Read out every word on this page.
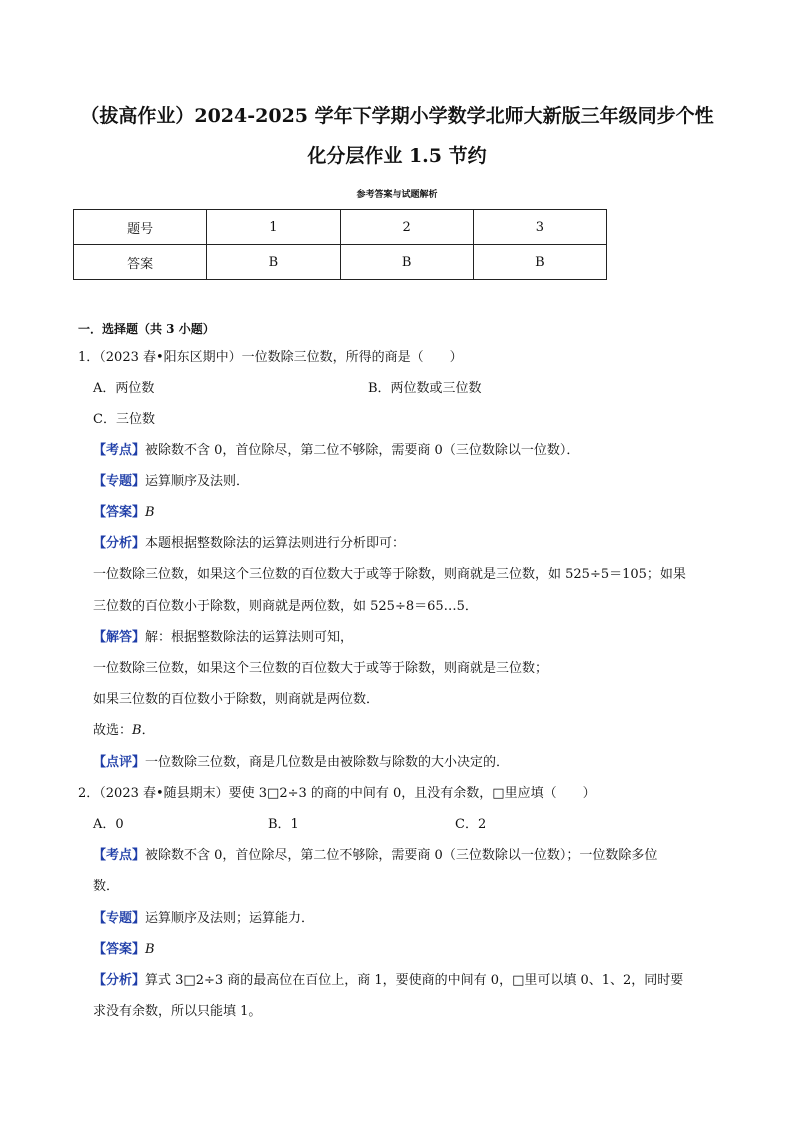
（拔高作业）2024-2025 学年下学期小学数学北师大新版三年级同步个性
化分层作业 1.5 节约
参考答案与试题解析
题号	1	2	3
答案	B	B	B
一．选择题（共 3 小题）
1．（2023 春•阳东区期中）一位数除三位数，所得的商是（　　）
A．两位数	B．两位数或三位数
C．三位数
【考点】被除数不含 0，首位除尽，第二位不够除，需要商 0（三位数除以一位数）．
【专题】运算顺序及法则．
【答案】B
【分析】本题根据整数除法的运算法则进行分析即可：
一位数除三位数，如果这个三位数的百位数大于或等于除数，则商就是三位数，如 525÷5＝105；如果
三位数的百位数小于除数，则商就是两位数，如 525÷8＝65…5．
【解答】解：根据整数除法的运算法则可知，
一位数除三位数，如果这个三位数的百位数大于或等于除数，则商就是三位数；
如果三位数的百位数小于除数，则商就是两位数．
故选：B．
【点评】一位数除三位数，商是几位数是由被除数与除数的大小决定的．
2．（2023 春•随县期末）要使 3□2÷3 的商的中间有 0，且没有余数，□里应填（　　）
A．0	B．1	C．2
【考点】被除数不含 0，首位除尽，第二位不够除，需要商 0（三位数除以一位数）；一位数除多位
数．
【专题】运算顺序及法则；运算能力．
【答案】B
【分析】算式 3□2÷3 商的最高位在百位上，商 1，要使商的中间有 0，□里可以填 0、1、2，同时要
求没有余数，所以只能填 1。
